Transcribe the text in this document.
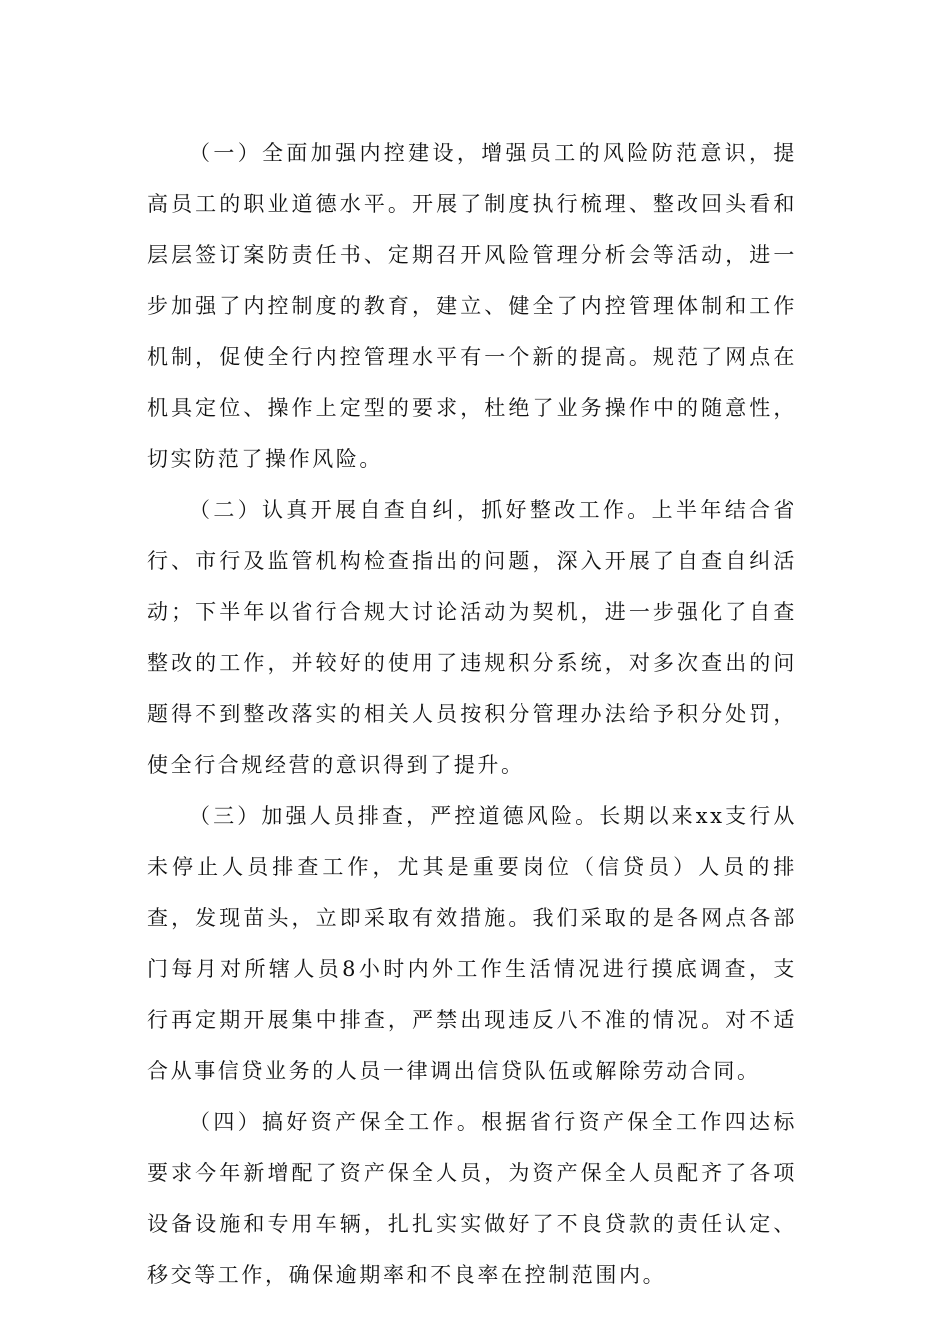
（一）全面加强内控建设，增强员工的风险防范意识，提高员工的职业道德水平。开展了制度执行梳理、整改回头看和层层签订案防责任书、定期召开风险管理分析会等活动，进一步加强了内控制度的教育，建立、健全了内控管理体制和工作机制，促使全行内控管理水平有一个新的提高。规范了网点在机具定位、操作上定型的要求，杜绝了业务操作中的随意性，切实防范了操作风险。

（二）认真开展自查自纠，抓好整改工作。上半年结合省行、市行及监管机构检查指出的问题，深入开展了自查自纠活动；下半年以省行合规大讨论活动为契机，进一步强化了自查整改的工作，并较好的使用了违规积分系统，对多次查出的问题得不到整改落实的相关人员按积分管理办法给予积分处罚，使全行合规经营的意识得到了提升。

（三）加强人员排查，严控道德风险。长期以来xx支行从未停止人员排查工作，尤其是重要岗位（信贷员）人员的排查，发现苗头，立即采取有效措施。我们采取的是各网点各部门每月对所辖人员8小时内外工作生活情况进行摸底调查，支行再定期开展集中排查，严禁出现违反八不准的情况。对不适合从事信贷业务的人员一律调出信贷队伍或解除劳动合同。

（四）搞好资产保全工作。根据省行资产保全工作四达标要求今年新增配了资产保全人员，为资产保全人员配齐了各项设备设施和专用车辆，扎扎实实做好了不良贷款的责任认定、移交等工作，确保逾期率和不良率在控制范围内。
